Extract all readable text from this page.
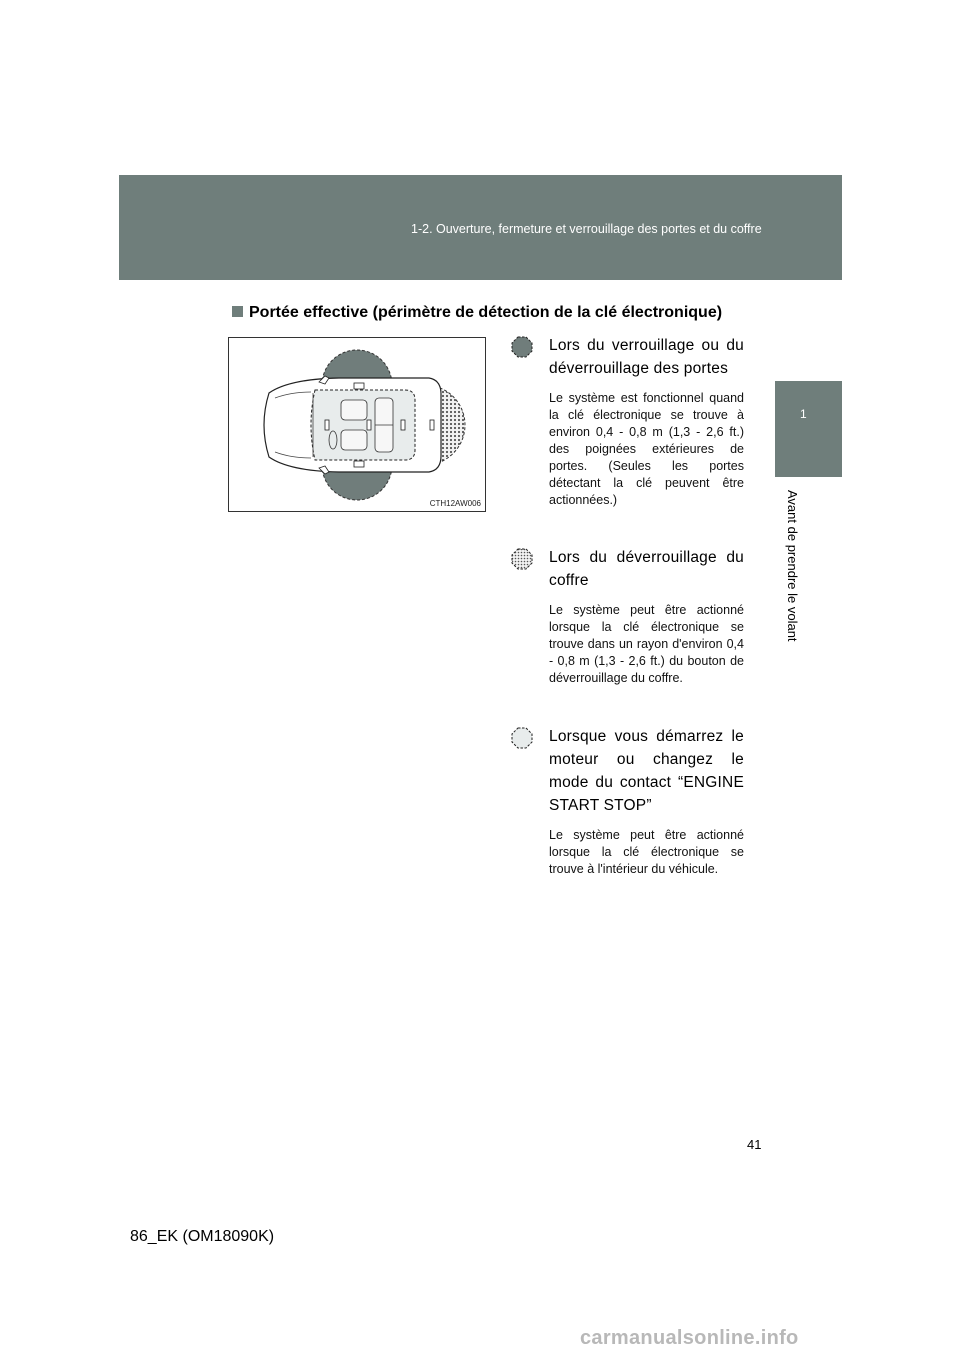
1-2. Ouverture, fermeture et verrouillage des portes et du coffre
1
Avant de prendre le volant
Portée effective (périmètre de détection de la clé électronique)
CTH12AW006
Lors du verrouillage ou du déverrouillage des portes
Le système est fonctionnel quand la clé électronique se trouve à environ 0,4 - 0,8 m (1,3 - 2,6 ft.) des poignées extérieures de portes. (Seules les portes détectant la clé peuvent être actionnées.)
Lors du déverrouillage du coffre
Le système peut être actionné lorsque la clé électronique se trouve dans un rayon d'environ 0,4 - 0,8 m (1,3 - 2,6 ft.) du bouton de déverrouillage du coffre.
Lorsque vous démarrez le moteur ou changez le mode du contact “ENGINE START STOP”
Le système peut être actionné lorsque la clé électronique se trouve à l'intérieur du véhicule.
41
86_EK (OM18090K)
carmanualsonline.info
